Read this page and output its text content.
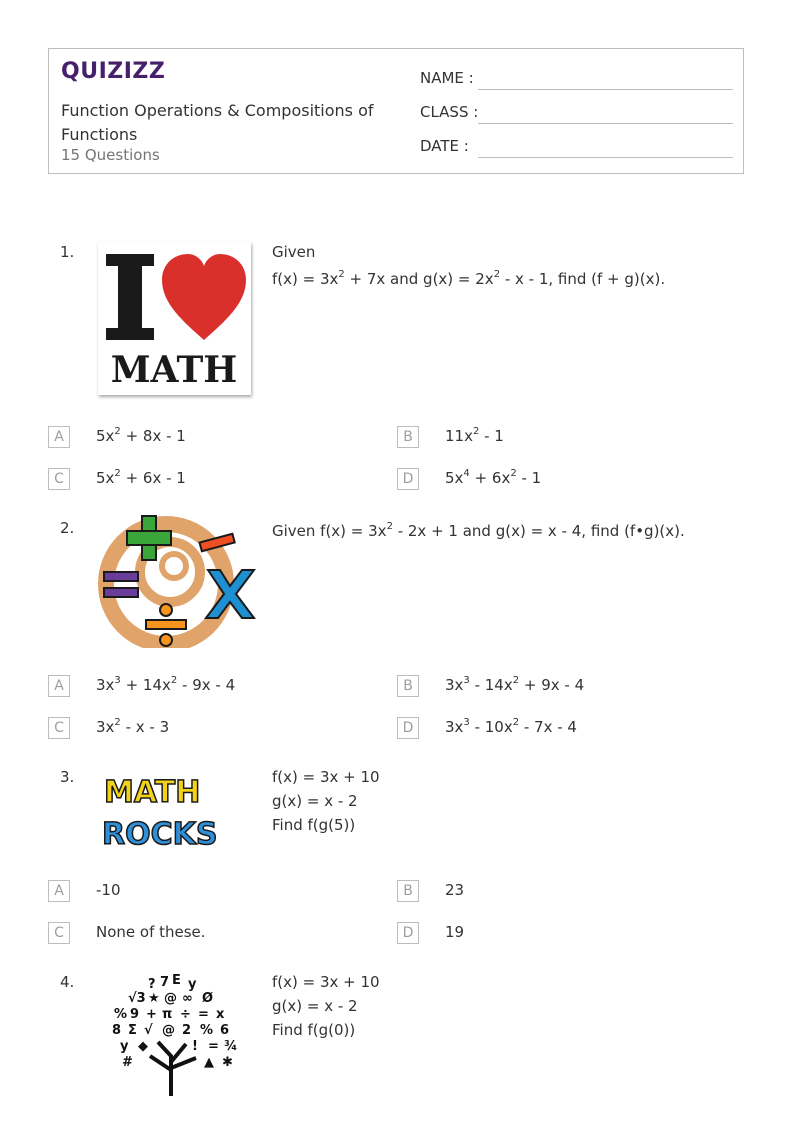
QUIZIZZ
Function Operations & Compositions of Functions
15 Questions
NAME :
CLASS :
DATE :
1.
MATH
Given
$f(x) = 3x^2 + 7x$ and $g(x) = 2x^2 - x - 1$, find (f + g)(x).
A	$5x^2 + 8x - 1$	B	$11x^2 - 1$
C	$5x^2 + 6x - 1$	D	$5x^4 + 6x^2 - 1$
2.	Given $f(x) = 3x^2 - 2x + 1$ and g(x) = x - 4, find (f•g)(x).
A	$3x^3 + 14x^2 - 9x - 4$	B	$3x^3 - 14x^2 + 9x - 4$
C	$3x^2$ - x - 3	D	$3x^3 - 10x^2 - 7x - 4$
3. MATH
ROCKS
f(x) = 3x + 10
g(x) = x - 2
Find f(g(5))
A	-10	B	23
C	None of these.	D	19
4.	? 7 E y
√3 ★ @ ∞ Ø
% 9 + π ÷ = x
8 Σ √ @ 2 % 6
y ◆	! = ¾
#	▲ ✱
f(x) = 3x + 10
g(x) = x - 2
Find f(g(0))
